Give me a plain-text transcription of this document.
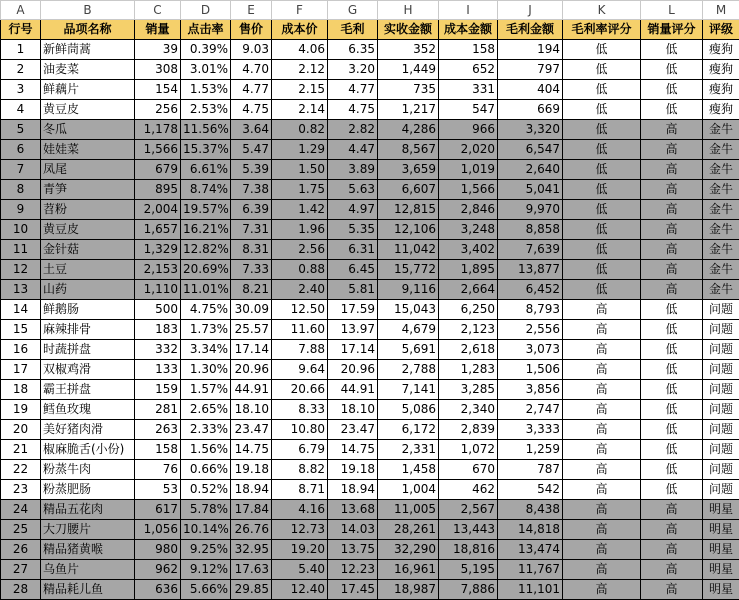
A	B	C	D	E	F	G	H	I	J	K	L	M
行号	品项名称	销量	点击率	售价	成本价	毛利	实收金额	成本金额	毛利金额	毛利率评分	销量评分	评级
1	新鲜茼蒿	39	0.39%	9.03	4.06	6.35	352	158	194	低	低	瘦狗
2	油麦菜	308	3.01%	4.70	2.12	3.20	1,449	652	797	低	低	瘦狗
3	鲜藕片	154	1.53%	4.77	2.15	4.77	735	331	404	低	低	瘦狗
4	黄豆皮	256	2.53%	4.75	2.14	4.75	1,217	547	669	低	低	瘦狗
5	冬瓜	1,178	11.56%	3.64	0.82	2.82	4,286	966	3,320	低	高	金牛
6	娃娃菜	1,566	15.37%	5.47	1.29	4.47	8,567	2,020	6,547	低	高	金牛
7	凤尾	679	6.61%	5.39	1.50	3.89	3,659	1,019	2,640	低	高	金牛
8	青笋	895	8.74%	7.38	1.75	5.63	6,607	1,566	5,041	低	高	金牛
9	苕粉	2,004	19.57%	6.39	1.42	4.97	12,815	2,846	9,970	低	高	金牛
10	黄豆皮	1,657	16.21%	7.31	1.96	5.35	12,106	3,248	8,858	低	高	金牛
11	金针菇	1,329	12.82%	8.31	2.56	6.31	11,042	3,402	7,639	低	高	金牛
12	土豆	2,153	20.69%	7.33	0.88	6.45	15,772	1,895	13,877	低	高	金牛
13	山药	1,110	11.01%	8.21	2.40	5.81	9,116	2,664	6,452	低	高	金牛
14	鲜鹅肠	500	4.75%	30.09	12.50	17.59	15,043	6,250	8,793	高	低	问题
15	麻辣排骨	183	1.73%	25.57	11.60	13.97	4,679	2,123	2,556	高	低	问题
16	时蔬拼盘	332	3.34%	17.14	7.88	17.14	5,691	2,618	3,073	高	低	问题
17	双椒鸡滑	133	1.30%	20.96	9.64	20.96	2,788	1,283	1,506	高	低	问题
18	霸王拼盘	159	1.57%	44.91	20.66	44.91	7,141	3,285	3,856	高	低	问题
19	鳕鱼玫瑰	281	2.65%	18.10	8.33	18.10	5,086	2,340	2,747	高	低	问题
20	美好猪肉滑	263	2.33%	23.47	10.80	23.47	6,172	2,839	3,333	高	低	问题
21	椒麻脆舌(小份)	158	1.56%	14.75	6.79	14.75	2,331	1,072	1,259	高	低	问题
22	粉蒸牛肉	76	0.66%	19.18	8.82	19.18	1,458	670	787	高	低	问题
23	粉蒸肥肠	53	0.52%	18.94	8.71	18.94	1,004	462	542	高	低	问题
24	精品五花肉	617	5.78%	17.84	4.16	13.68	11,005	2,567	8,438	高	高	明星
25	大刀腰片	1,056	10.14%	26.76	12.73	14.03	28,261	13,443	14,818	高	高	明星
26	精品猪黄喉	980	9.25%	32.95	19.20	13.75	32,290	18,816	13,474	高	高	明星
27	乌鱼片	962	9.12%	17.63	5.40	12.23	16,961	5,195	11,767	高	高	明星
28	精品耗儿鱼	636	5.66%	29.85	12.40	17.45	18,987	7,886	11,101	高	高	明星
